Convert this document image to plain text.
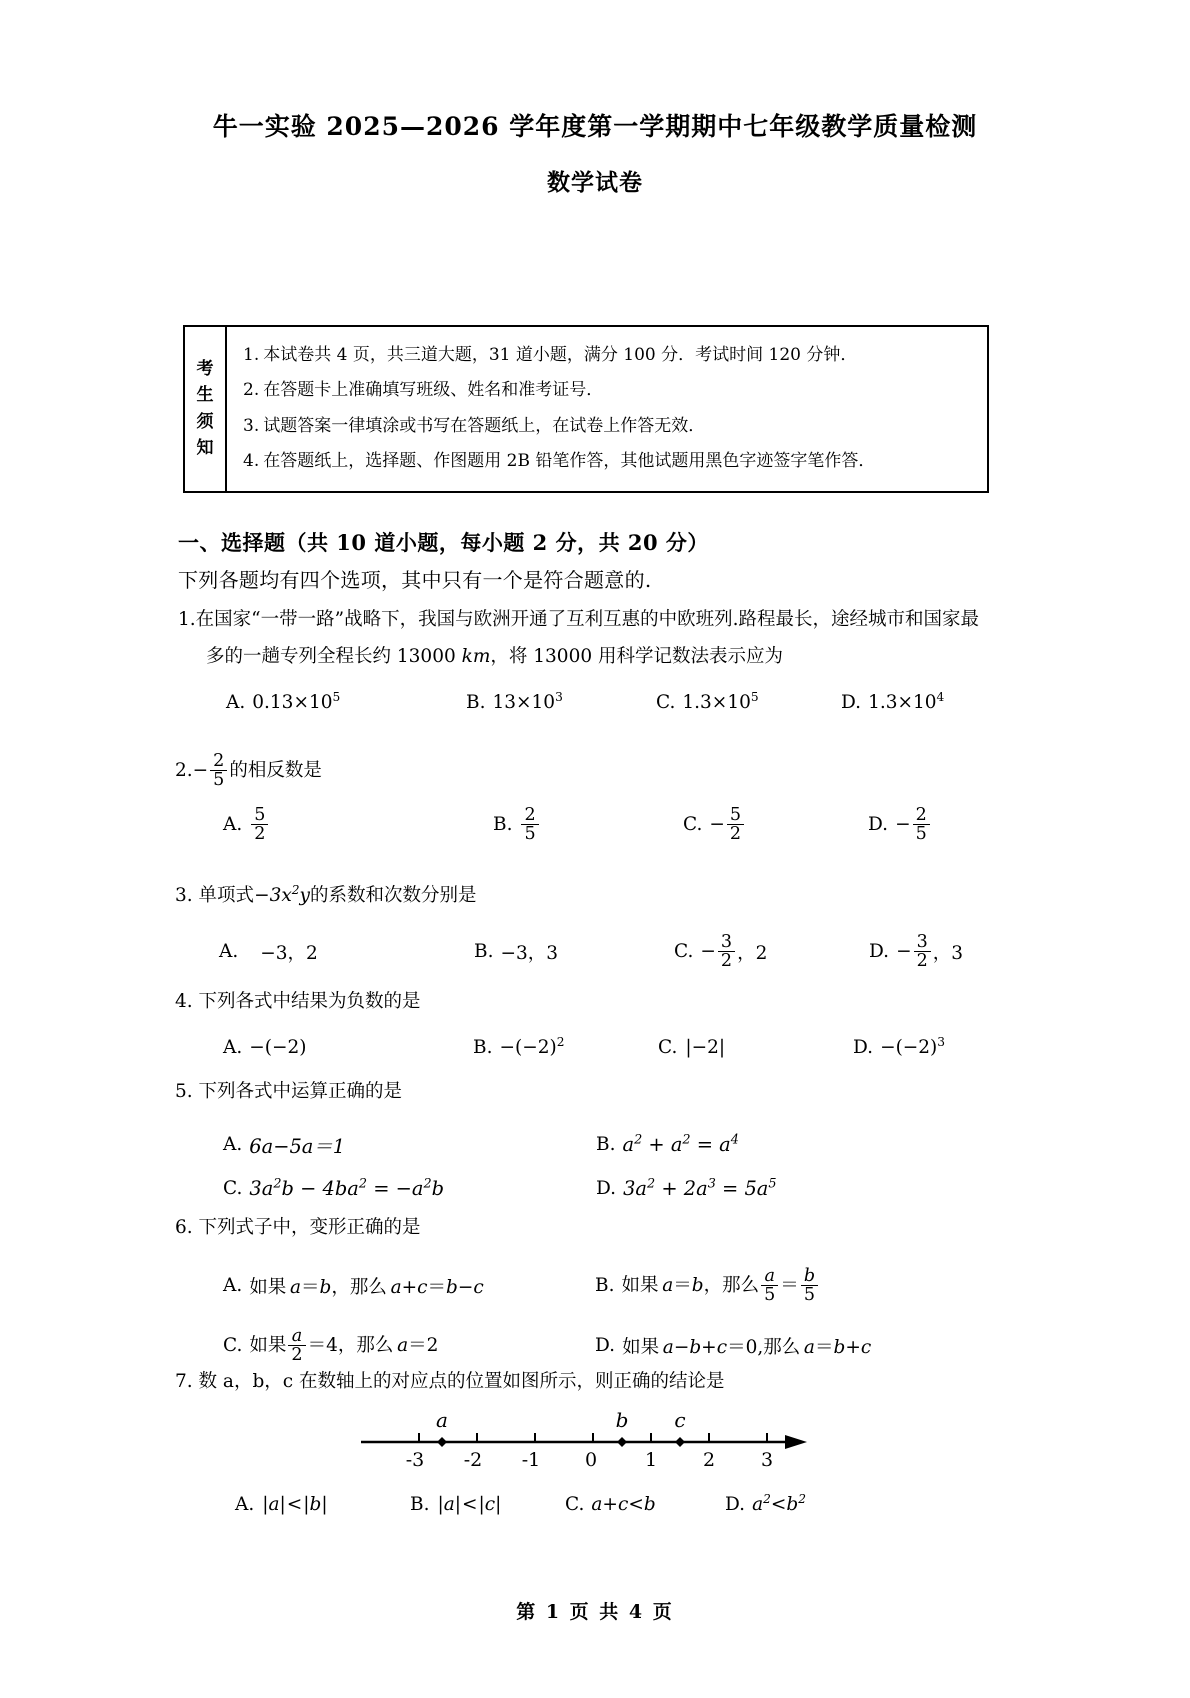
牛一实验 2025—2026 学年度第一学期期中七年级教学质量检测
数学试卷
考
生
须
知
1. 本试卷共 4 页，共三道大题，31 道小题，满分 100 分．考试时间 120 分钟．
2. 在答题卡上准确填写班级、姓名和准考证号．
3. 试题答案一律填涂或书写在答题纸上，在试卷上作答无效．
4. 在答题纸上，选择题、作图题用 2B 铅笔作答，其他试题用黑色字迹签字笔作答．
一、选择题（共 10 道小题，每小题 2 分，共 20 分）
下列各题均有四个选项，其中只有一个是符合题意的.
1.在国家“一带一路”战略下，我国与欧洲开通了互利互惠的中欧班列.路程最长，途经城市和国家最
多的一趟专列全程长约 13000 km，将 13000 用科学记数法表示应为
A. $0.13\times 10^5$	B. $13\times 10^3$	C. $1.3\times 10^5$	D. $1.3\times 10^4$
$2.- \frac{2}{5}$ 的相反数是
A. $\frac{5}{2}$	B. $\frac{2}{5}$	C. − $\frac{5}{2}$	D. − $\frac{2}{5}$
3. 单项式$-3x^2y$的系数和次数分别是
A. −3，2	B. −3，3	C. − $\frac{3}{2}$ ，2	D. − $\frac{3}{2}$ ，3
4. 下列各式中结果为负数的是
A. −(−2)	B. $-(-2)^2$	C. | −2 |	D. $-(-2)^3$
5. 下列各式中运算正确的是
A. 6a−5a＝1	B. $a^2 + a^2 = a^4$
C. $3a^2b - 4ba^2 = -a^2b$	D. $3a^2 + 2a^3 = 5a^5$
6. 下列式子中，变形正确的是
A. 如果 a＝b，那么 a+c＝b−c	B. 如果 a＝b，那么 $\frac{a}{5} = \frac{b}{5}$
C. 如果 $\frac{a}{2} =4$，那么 a＝2	D. 如果 a−b+c＝0,那么 a＝b+c
7. 数 a，b，c 在数轴上的对应点的位置如图所示，则正确的结论是
-3 -2 -1 0	1 2 3
a	b c
A. | a | < | b |	B. | a | < | c |	C. a+c<b	D. $a^2<b^2$
第 1 页 共 4 页
